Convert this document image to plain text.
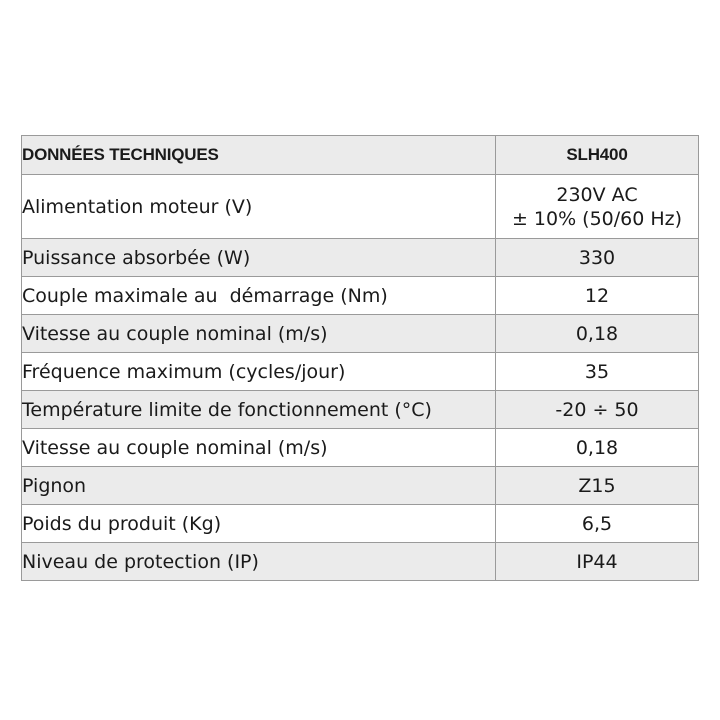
DONNÉES TECHNIQUES	SLH400
Alimentation moteur (V)	230V AC
± 10% (50/60 Hz)

Puissance absorbée (W)	330
Couple maximale au  démarrage (Nm)	12
Vitesse au couple nominal (m/s)	0,18
Fréquence maximum (cycles/jour)	35
Température limite de fonctionnement (°C)	-20 ÷ 50
Vitesse au couple nominal (m/s)	0,18
Pignon	Z15
Poids du produit (Kg)	6,5
Niveau de protection (IP)	IP44
